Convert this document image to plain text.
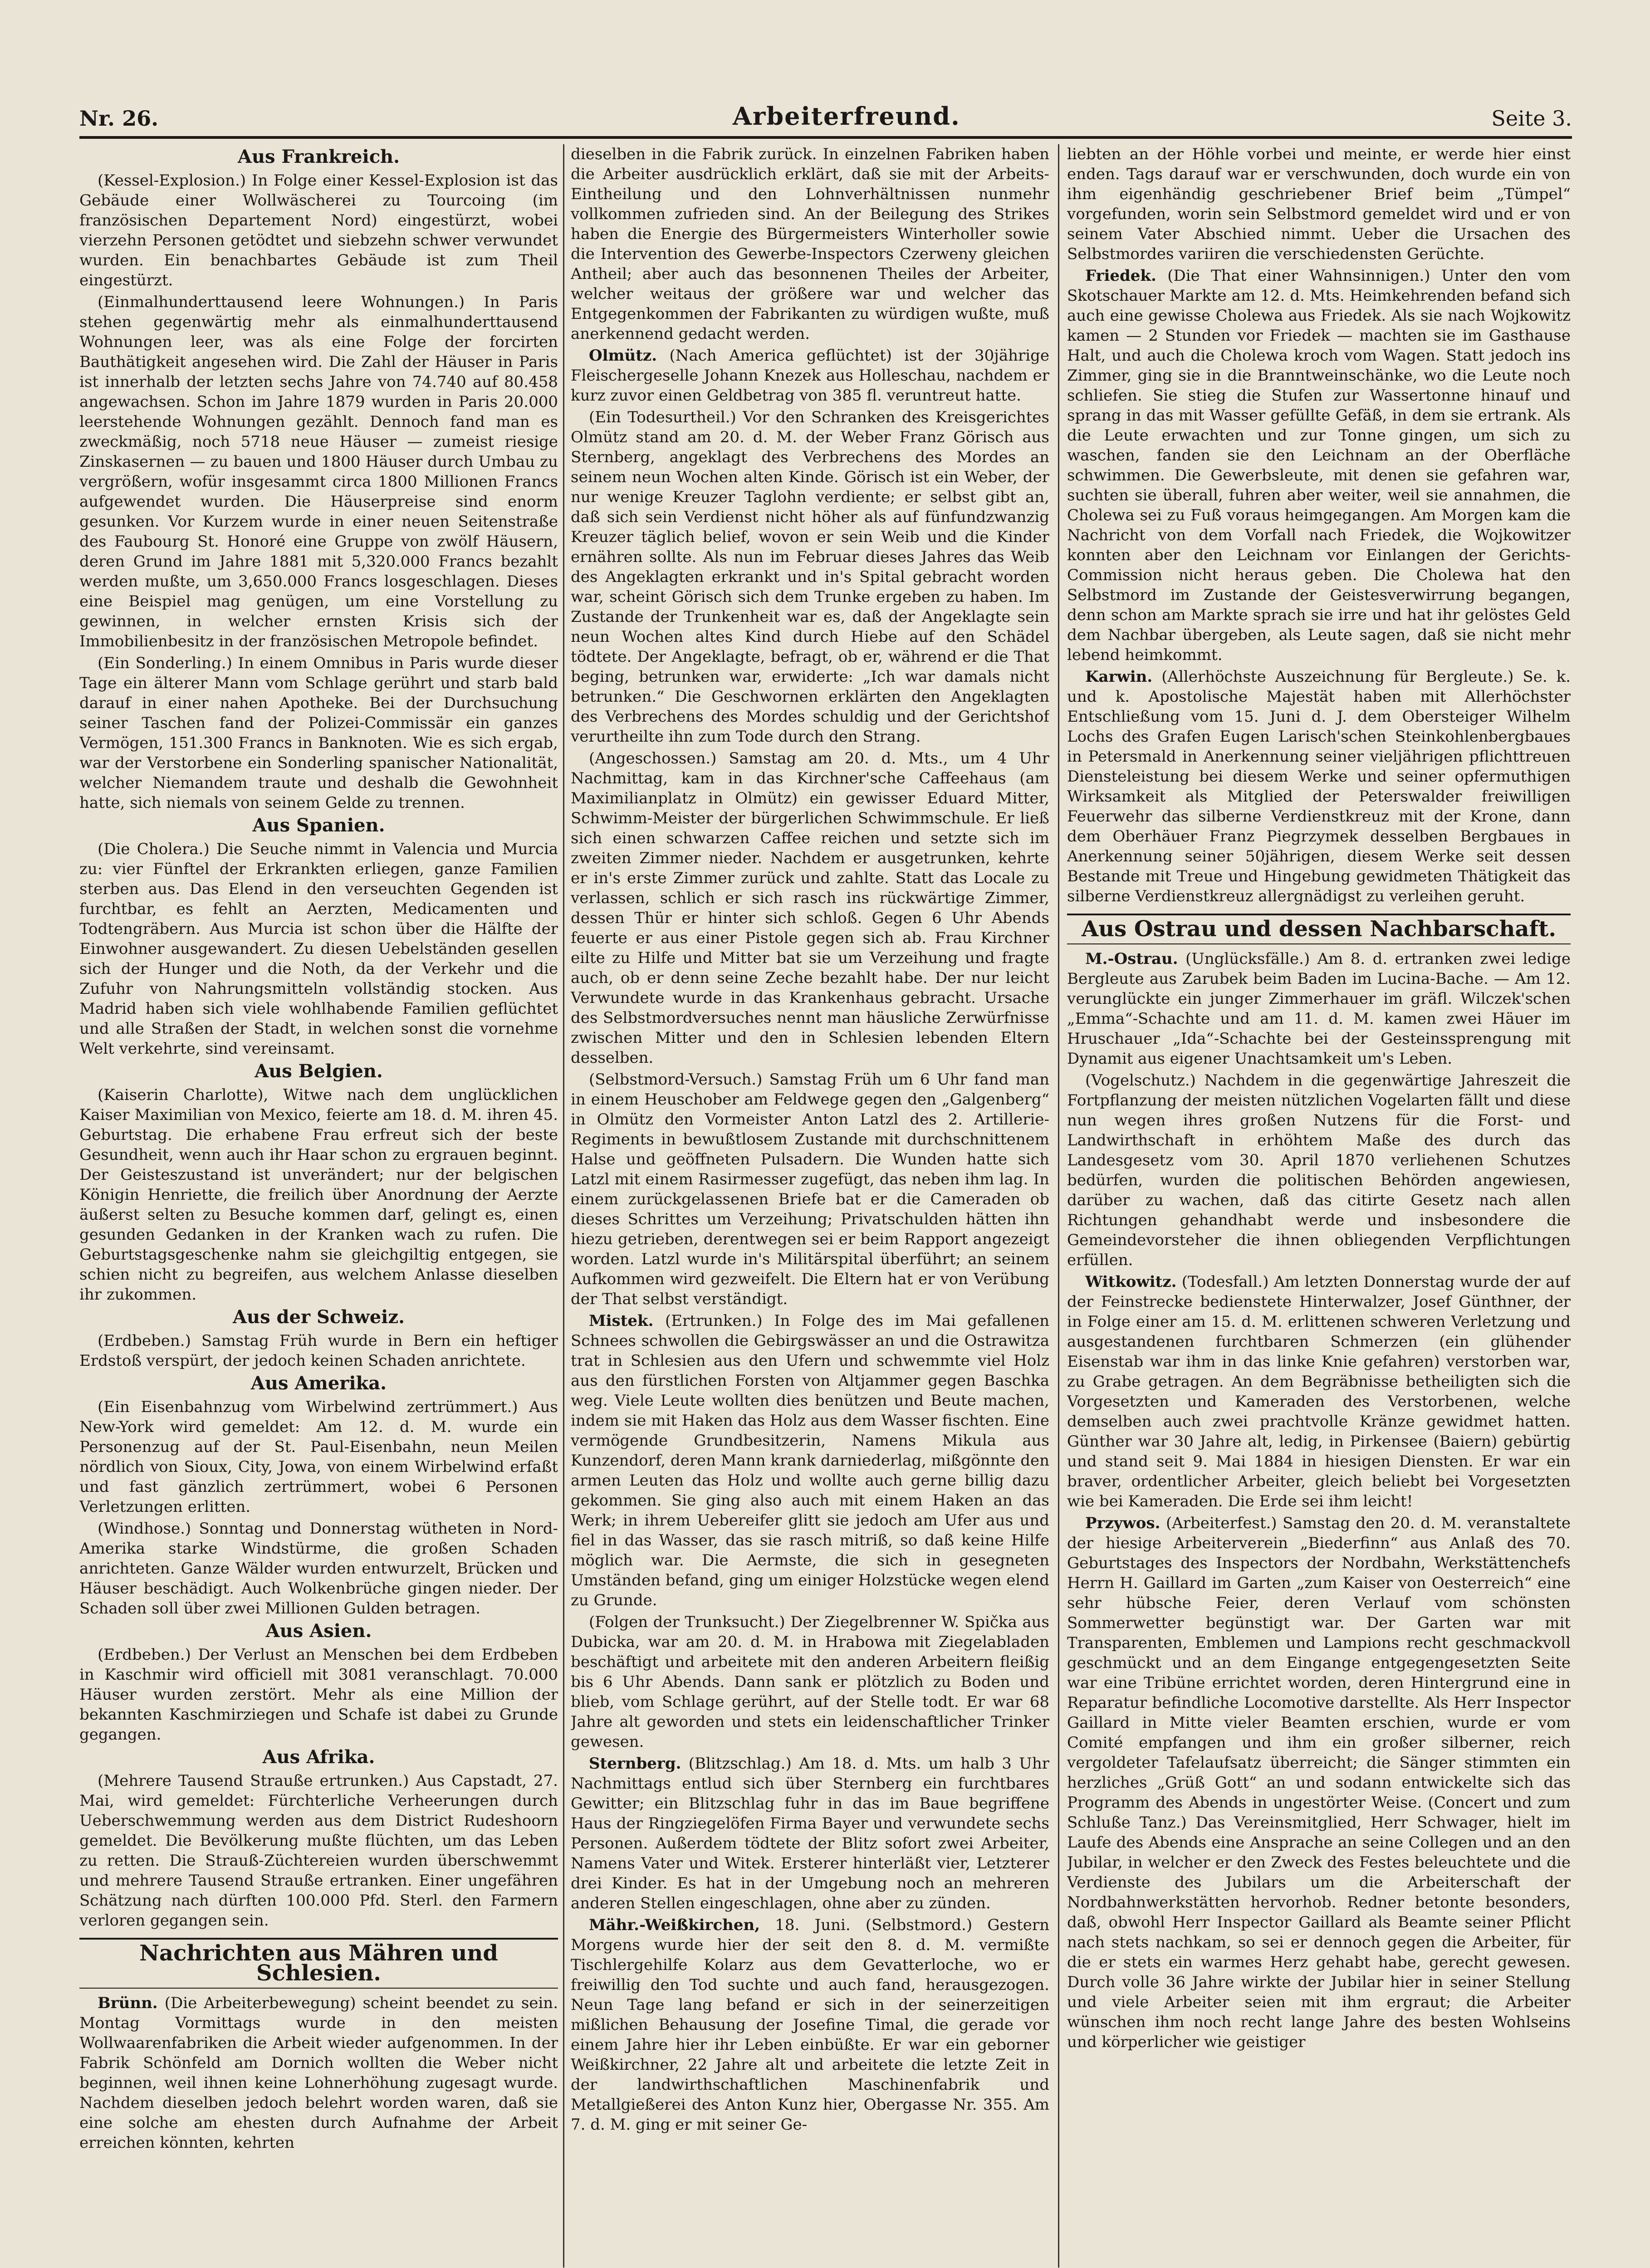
Nr. 26.	Arbeiterfreund.	Seite 3.
Aus Frankreich.

(Kessel-Explosion.) In Folge einer Kessel-Explosion ist das Gebäude einer Wollwäscherei zu Tourcoing (im französischen Departement Nord) eingestürzt, wobei vierzehn Personen getödtet und siebzehn schwer verwundet wurden. Ein benachbartes Gebäude ist zum Theil eingestürzt.

(Einmalhunderttausend leere Wohnungen.) In Paris stehen gegenwärtig mehr als einmalhunderttausend Wohnungen leer, was als eine Folge der forcirten Bauthätigkeit angesehen wird. Die Zahl der Häuser in Paris ist innerhalb der letzten sechs Jahre von 74.740 auf 80.458 angewachsen. Schon im Jahre 1879 wurden in Paris 20.000 leerstehende Wohnungen gezählt. Dennoch fand man es zweckmäßig, noch 5718 neue Häuser — zumeist riesige Zinskasernen — zu bauen und 1800 Häuser durch Umbau zu vergrößern, wofür insgesammt circa 1800 Millionen Francs aufgewendet wurden. Die Häuserpreise sind enorm gesunken. Vor Kurzem wurde in einer neuen Seitenstraße des Faubourg St. Honoré eine Gruppe von zwölf Häusern, deren Grund im Jahre 1881 mit 5,320.000 Francs bezahlt werden mußte, um 3,650.000 Francs losgeschlagen. Dieses eine Beispiel mag genügen, um eine Vorstellung zu gewinnen, in welcher ernsten Krisis sich der Immobilienbesitz in der französischen Metropole befindet.

(Ein Sonderling.) In einem Omnibus in Paris wurde dieser Tage ein älterer Mann vom Schlage gerührt und starb bald darauf in einer nahen Apotheke. Bei der Durchsuchung seiner Taschen fand der Polizei-Commissär ein ganzes Vermögen, 151.300 Francs in Banknoten. Wie es sich ergab, war der Verstorbene ein Sonderling spanischer Nationalität, welcher Niemandem traute und deshalb die Gewohnheit hatte, sich niemals von seinem Gelde zu trennen.

Aus Spanien.

(Die Cholera.) Die Seuche nimmt in Valencia und Murcia zu: vier Fünftel der Erkrankten erliegen, ganze Familien sterben aus. Das Elend in den verseuchten Gegenden ist furchtbar, es fehlt an Aerzten, Medicamenten und Todtengräbern. Aus Murcia ist schon über die Hälfte der Einwohner ausgewandert. Zu diesen Uebelständen gesellen sich der Hunger und die Noth, da der Verkehr und die Zufuhr von Nahrungsmitteln vollständig stocken. Aus Madrid haben sich viele wohlhabende Familien geflüchtet und alle Straßen der Stadt, in welchen sonst die vornehme Welt verkehrte, sind vereinsamt.

Aus Belgien.

(Kaiserin Charlotte), Witwe nach dem unglücklichen Kaiser Maximilian von Mexico, feierte am 18. d. M. ihren 45. Geburtstag. Die erhabene Frau erfreut sich der beste Gesundheit, wenn auch ihr Haar schon zu ergrauen beginnt. Der Geisteszustand ist unverändert; nur der belgischen Königin Henriette, die freilich über Anordnung der Aerzte äußerst selten zu Besuche kommen darf, gelingt es, einen gesunden Gedanken in der Kranken wach zu rufen. Die Geburtstagsgeschenke nahm sie gleichgiltig entgegen, sie schien nicht zu begreifen, aus welchem Anlasse dieselben ihr zukommen.

Aus der Schweiz.

(Erdbeben.) Samstag Früh wurde in Bern ein heftiger Erdstoß verspürt, der jedoch keinen Schaden anrichtete.

Aus Amerika.

(Ein Eisenbahnzug vom Wirbelwind zertrümmert.) Aus New-York wird gemeldet: Am 12. d. M. wurde ein Personenzug auf der St. Paul-Eisenbahn, neun Meilen nördlich von Sioux, City, Jowa, von einem Wirbelwind erfaßt und fast gänzlich zertrümmert, wobei 6 Personen Verletzungen erlitten.

(Windhose.) Sonntag und Donnerstag wütheten in Nord-Amerika starke Windstürme, die großen Schaden anrichteten. Ganze Wälder wurden entwurzelt, Brücken und Häuser beschädigt. Auch Wolkenbrüche gingen nieder. Der Schaden soll über zwei Millionen Gulden betragen.

Aus Asien.

(Erdbeben.) Der Verlust an Menschen bei dem Erdbeben in Kaschmir wird officiell mit 3081 veranschlagt. 70.000 Häuser wurden zerstört. Mehr als eine Million der bekannten Kaschmirziegen und Schafe ist dabei zu Grunde gegangen.

Aus Afrika.

(Mehrere Tausend Strauße ertrunken.) Aus Capstadt, 27. Mai, wird gemeldet: Fürchterliche Verheerungen durch Ueberschwemmung werden aus dem District Rudeshoorn gemeldet. Die Bevölkerung mußte flüchten, um das Leben zu retten. Die Strauß-Züchtereien wurden überschwemmt und mehrere Tausend Strauße ertranken. Einer ungefähren Schätzung nach dürften 100.000 Pfd. Sterl. den Farmern verloren gegangen sein.

Nachrichten aus Mähren und Schlesien.

Brünn. (Die Arbeiterbewegung) scheint beendet zu sein. Montag Vormittags wurde in den meisten Wollwaarenfabriken die Arbeit wieder aufgenommen. In der Fabrik Schönfeld am Dornich wollten die Weber nicht beginnen, weil ihnen keine Lohnerhöhung zugesagt wurde. Nachdem dieselben jedoch belehrt worden waren, daß sie eine solche am ehesten durch Aufnahme der Arbeit erreichen könnten, kehrten

dieselben in die Fabrik zurück. In einzelnen Fabriken haben die Arbeiter ausdrücklich erklärt, daß sie mit der Arbeits-Eintheilung und den Lohnverhältnissen nunmehr vollkommen zufrieden sind. An der Beilegung des Strikes haben die Energie des Bürgermeisters Winterholler sowie die Intervention des Gewerbe-Inspectors Czerweny gleichen Antheil; aber auch das besonnenen Theiles der Arbeiter, welcher weitaus der größere war und welcher das Entgegenkommen der Fabrikanten zu würdigen wußte, muß anerkennend gedacht werden.

Olmütz. (Nach America geflüchtet) ist der 30jährige Fleischergeselle Johann Knezek aus Holleschau, nachdem er kurz zuvor einen Geldbetrag von 385 fl. veruntreut hatte.

(Ein Todesurtheil.) Vor den Schranken des Kreisgerichtes Olmütz stand am 20. d. M. der Weber Franz Görisch aus Sternberg, angeklagt des Verbrechens des Mordes an seinem neun Wochen alten Kinde. Görisch ist ein Weber, der nur wenige Kreuzer Taglohn verdiente; er selbst gibt an, daß sich sein Verdienst nicht höher als auf fünfundzwanzig Kreuzer täglich belief, wovon er sein Weib und die Kinder ernähren sollte. Als nun im Februar dieses Jahres das Weib des Angeklagten erkrankt und in's Spital gebracht worden war, scheint Görisch sich dem Trunke ergeben zu haben. Im Zustande der Trunkenheit war es, daß der Angeklagte sein neun Wochen altes Kind durch Hiebe auf den Schädel tödtete. Der Angeklagte, befragt, ob er, während er die That beging, betrunken war, erwiderte: „Ich war damals nicht betrunken.“ Die Geschwornen erklärten den Angeklagten des Verbrechens des Mordes schuldig und der Gerichtshof verurtheilte ihn zum Tode durch den Strang.

(Angeschossen.) Samstag am 20. d. Mts., um 4 Uhr Nachmittag, kam in das Kirchner'sche Caffeehaus (am Maximilianplatz in Olmütz) ein gewisser Eduard Mitter, Schwimm-Meister der bürgerlichen Schwimmschule. Er ließ sich einen schwarzen Caffee reichen und setzte sich im zweiten Zimmer nieder. Nachdem er ausgetrunken, kehrte er in's erste Zimmer zurück und zahlte. Statt das Locale zu verlassen, schlich er sich rasch ins rückwärtige Zimmer, dessen Thür er hinter sich schloß. Gegen 6 Uhr Abends feuerte er aus einer Pistole gegen sich ab. Frau Kirchner eilte zu Hilfe und Mitter bat sie um Verzeihung und fragte auch, ob er denn seine Zeche bezahlt habe. Der nur leicht Verwundete wurde in das Krankenhaus gebracht. Ursache des Selbstmordversuches nennt man häusliche Zerwürfnisse zwischen Mitter und den in Schlesien lebenden Eltern desselben.

(Selbstmord-Versuch.) Samstag Früh um 6 Uhr fand man in einem Heuschober am Feldwege gegen den „Galgenberg“ in Olmütz den Vormeister Anton Latzl des 2. Artillerie-Regiments in bewußtlosem Zustande mit durchschnittenem Halse und geöffneten Pulsadern. Die Wunden hatte sich Latzl mit einem Rasirmesser zugefügt, das neben ihm lag. In einem zurückgelassenen Briefe bat er die Cameraden ob dieses Schrittes um Verzeihung; Privatschulden hätten ihn hiezu getrieben, derentwegen sei er beim Rapport angezeigt worden. Latzl wurde in's Militärspital überführt; an seinem Aufkommen wird gezweifelt. Die Eltern hat er von Verübung der That selbst verständigt.

Mistek. (Ertrunken.) In Folge des im Mai gefallenen Schnees schwollen die Gebirgswässer an und die Ostrawitza trat in Schlesien aus den Ufern und schwemmte viel Holz aus den fürstlichen Forsten von Altjammer gegen Baschka weg. Viele Leute wollten dies benützen und Beute machen, indem sie mit Haken das Holz aus dem Wasser fischten. Eine vermögende Grundbesitzerin, Namens Mikula aus Kunzendorf, deren Mann krank darniederlag, mißgönnte den armen Leuten das Holz und wollte auch gerne billig dazu gekommen. Sie ging also auch mit einem Haken an das Werk; in ihrem Uebereifer glitt sie jedoch am Ufer aus und fiel in das Wasser, das sie rasch mitriß, so daß keine Hilfe möglich war. Die Aermste, die sich in gesegneten Umständen befand, ging um einiger Holzstücke wegen elend zu Grunde.

(Folgen der Trunksucht.) Der Ziegelbrenner W. Spička aus Dubicka, war am 20. d. M. in Hrabowa mit Ziegelabladen beschäftigt und arbeitete mit den anderen Arbeitern fleißig bis 6 Uhr Abends. Dann sank er plötzlich zu Boden und blieb, vom Schlage gerührt, auf der Stelle todt. Er war 68 Jahre alt geworden und stets ein leidenschaftlicher Trinker gewesen.

Sternberg. (Blitzschlag.) Am 18. d. Mts. um halb 3 Uhr Nachmittags entlud sich über Sternberg ein furchtbares Gewitter; ein Blitzschlag fuhr in das im Baue begriffene Haus der Ringziegelöfen Firma Bayer und verwundete sechs Personen. Außerdem tödtete der Blitz sofort zwei Arbeiter, Namens Vater und Witek. Ersterer hinterläßt vier, Letzterer drei Kinder. Es hat in der Umgebung noch an mehreren anderen Stellen eingeschlagen, ohne aber zu zünden.

Mähr.-Weißkirchen, 18. Juni. (Selbstmord.) Gestern Morgens wurde hier der seit den 8. d. M. vermißte Tischlergehilfe Kolarz aus dem Gevatterloche, wo er freiwillig den Tod suchte und auch fand, herausgezogen. Neun Tage lang befand er sich in der seinerzeitigen mißlichen Behausung der Josefine Timal, die gerade vor einem Jahre hier ihr Leben einbüßte. Er war ein geborner Weißkirchner, 22 Jahre alt und arbeitete die letzte Zeit in der landwirthschaftlichen Maschinenfabrik und Metallgießerei des Anton Kunz hier, Obergasse Nr. 355. Am 7. d. M. ging er mit seiner Ge-

liebten an der Höhle vorbei und meinte, er werde hier einst enden. Tags darauf war er verschwunden, doch wurde ein von ihm eigenhändig geschriebener Brief beim „Tümpel“ vorgefunden, worin sein Selbstmord gemeldet wird und er von seinem Vater Abschied nimmt. Ueber die Ursachen des Selbstmordes variiren die verschiedensten Gerüchte.

Friedek. (Die That einer Wahnsinnigen.) Unter den vom Skotschauer Markte am 12. d. Mts. Heimkehrenden befand sich auch eine gewisse Cholewa aus Friedek. Als sie nach Wojkowitz kamen — 2 Stunden vor Friedek — machten sie im Gasthause Halt, und auch die Cholewa kroch vom Wagen. Statt jedoch ins Zimmer, ging sie in die Branntweinschänke, wo die Leute noch schliefen. Sie stieg die Stufen zur Wassertonne hinauf und sprang in das mit Wasser gefüllte Gefäß, in dem sie ertrank. Als die Leute erwachten und zur Tonne gingen, um sich zu waschen, fanden sie den Leichnam an der Oberfläche schwimmen. Die Gewerbsleute, mit denen sie gefahren war, suchten sie überall, fuhren aber weiter, weil sie annahmen, die Cholewa sei zu Fuß voraus heimgegangen. Am Morgen kam die Nachricht von dem Vorfall nach Friedek, die Wojkowitzer konnten aber den Leichnam vor Einlangen der Gerichts-Commission nicht heraus geben. Die Cholewa hat den Selbstmord im Zustande der Geistesverwirrung begangen, denn schon am Markte sprach sie irre und hat ihr gelöstes Geld dem Nachbar übergeben, als Leute sagen, daß sie nicht mehr lebend heimkommt.

Karwin. (Allerhöchste Auszeichnung für Bergleute.) Se. k. und k. Apostolische Majestät haben mit Allerhöchster Entschließung vom 15. Juni d. J. dem Obersteiger Wilhelm Lochs des Grafen Eugen Larisch'schen Steinkohlenbergbaues in Petersmald in Anerkennung seiner vieljährigen pflichttreuen Diensteleistung bei diesem Werke und seiner opfermuthigen Wirksamkeit als Mitglied der Peterswalder freiwilligen Feuerwehr das silberne Verdienstkreuz mit der Krone, dann dem Oberhäuer Franz Piegrzymek desselben Bergbaues in Anerkennung seiner 50jährigen, diesem Werke seit dessen Bestande mit Treue und Hingebung gewidmeten Thätigkeit das silberne Verdienstkreuz allergnädigst zu verleihen geruht.

Aus Ostrau und dessen Nachbarschaft.

M.-Ostrau. (Unglücksfälle.) Am 8. d. ertranken zwei ledige Bergleute aus Zarubek beim Baden im Lucina-Bache. — Am 12. verunglückte ein junger Zimmerhauer im gräfl. Wilczek'schen „Emma“-Schachte und am 11. d. M. kamen zwei Häuer im Hruschauer „Ida“-Schachte bei der Gesteinssprengung mit Dynamit aus eigener Unachtsamkeit um's Leben.

(Vogelschutz.) Nachdem in die gegenwärtige Jahreszeit die Fortpflanzung der meisten nützlichen Vogelarten fällt und diese nun wegen ihres großen Nutzens für die Forst- und Landwirthschaft in erhöhtem Maße des durch das Landesgesetz vom 30. April 1870 verliehenen Schutzes bedürfen, wurden die politischen Behörden angewiesen, darüber zu wachen, daß das citirte Gesetz nach allen Richtungen gehandhabt werde und insbesondere die Gemeindevorsteher die ihnen obliegenden Verpflichtungen erfüllen.

Witkowitz. (Todesfall.) Am letzten Donnerstag wurde der auf der Feinstrecke bedienstete Hinterwalzer, Josef Günthner, der in Folge einer am 15. d. M. erlittenen schweren Verletzung und ausgestandenen furchtbaren Schmerzen (ein glühender Eisenstab war ihm in das linke Knie gefahren) verstorben war, zu Grabe getragen. An dem Begräbnisse betheiligten sich die Vorgesetzten und Kameraden des Verstorbenen, welche demselben auch zwei prachtvolle Kränze gewidmet hatten. Günther war 30 Jahre alt, ledig, in Pirkensee (Baiern) gebürtig und stand seit 9. Mai 1884 in hiesigen Diensten. Er war ein braver, ordentlicher Arbeiter, gleich beliebt bei Vorgesetzten wie bei Kameraden. Die Erde sei ihm leicht!

Przywos. (Arbeiterfest.) Samstag den 20. d. M. veranstaltete der hiesige Arbeiterverein „Biederfinn“ aus Anlaß des 70. Geburtstages des Inspectors der Nordbahn, Werkstättenchefs Herrn H. Gaillard im Garten „zum Kaiser von Oesterreich“ eine sehr hübsche Feier, deren Verlauf vom schönsten Sommerwetter begünstigt war. Der Garten war mit Transparenten, Emblemen und Lampions recht geschmackvoll geschmückt und an dem Eingange entgegengesetzten Seite war eine Tribüne errichtet worden, deren Hintergrund eine in Reparatur befindliche Locomotive darstellte. Als Herr Inspector Gaillard in Mitte vieler Beamten erschien, wurde er vom Comité empfangen und ihm ein großer silberner, reich vergoldeter Tafelaufsatz überreicht; die Sänger stimmten ein herzliches „Grüß Gott“ an und sodann entwickelte sich das Programm des Abends in ungestörter Weise. (Concert und zum Schluße Tanz.) Das Vereinsmitglied, Herr Schwager, hielt im Laufe des Abends eine Ansprache an seine Collegen und an den Jubilar, in welcher er den Zweck des Festes beleuchtete und die Verdienste des Jubilars um die Arbeiterschaft der Nordbahnwerkstätten hervorhob. Redner betonte besonders, daß, obwohl Herr Inspector Gaillard als Beamte seiner Pflicht nach stets nachkam, so sei er dennoch gegen die Arbeiter, für die er stets ein warmes Herz gehabt habe, gerecht gewesen. Durch volle 36 Jahre wirkte der Jubilar hier in seiner Stellung und viele Arbeiter seien mit ihm ergraut; die Arbeiter wünschen ihm noch recht lange Jahre des besten Wohlseins und körperlicher wie geistiger
